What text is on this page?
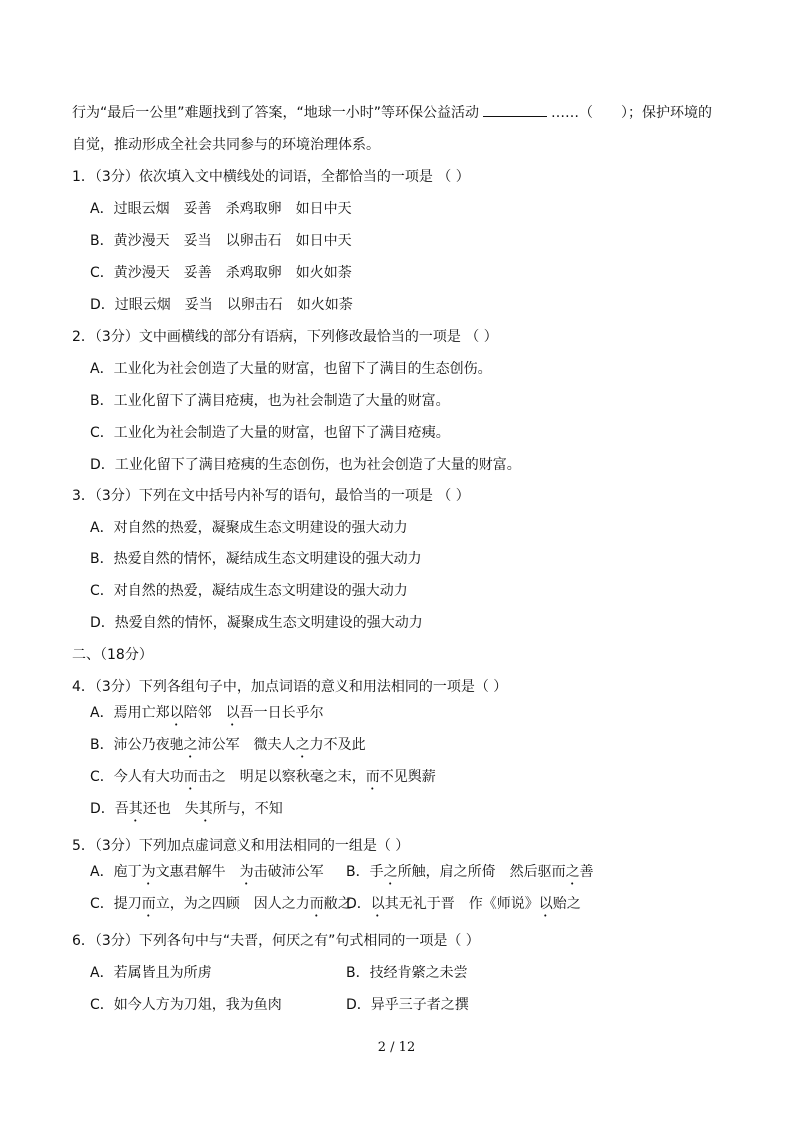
行为“最后一公里”难题找到了答案，“地球一小时”等环保公益活动	……（　　）；保护环境的
自觉，推动形成全社会共同参与的环境治理体系。
1．（3分）依次填入文中横线处的词语，全都恰当的一项是 （ ）
A．过眼云烟　妥善　杀鸡取卵　如日中天
B．黄沙漫天　妥当　以卵击石　如日中天
C．黄沙漫天　妥善　杀鸡取卵　如火如荼
D．过眼云烟　妥当　以卵击石　如火如荼
2．（3分）文中画横线的部分有语病，下列修改最恰当的一项是 （ ）
A．工业化为社会创造了大量的财富，也留下了满目的生态创伤。
B．工业化留下了满目疮痍，也为社会制造了大量的财富。
C．工业化为社会制造了大量的财富，也留下了满目疮痍。
D．工业化留下了满目疮痍的生态创伤，也为社会创造了大量的财富。
3．（3分）下列在文中括号内补写的语句，最恰当的一项是 （ ）
A．对自然的热爱，凝聚成生态文明建设的强大动力
B．热爱自然的情怀，凝结成生态文明建设的强大动力
C．对自然的热爱，凝结成生态文明建设的强大动力
D．热爱自然的情怀，凝聚成生态文明建设的强大动力
二、（18分）
4．（3分）下列各组句子中，加点词语的意义和用法相同的一项是（ ）
A．焉用亡郑以陪邻　以吾一日长乎尔
B．沛公乃夜驰之沛公军　微夫人之力不及此
C．今人有大功而击之　明足以察秋毫之末，而不见舆薪
D．吾其还也　失其所与，不知
5．（3分）下列加点虚词意义和用法相同的一组是（ ）
A．庖丁为文惠君解牛　为击破沛公军 B．手之所触，肩之所倚　然后驱而之善
C．提刀而立，为之四顾　因人之力而敝之
D．以其无礼于晋　作《师说》以贻之
6．（3分）下列各句中与“夫晋，何厌之有”句式相同的一项是（ ）
A．若属皆且为所虏	B．技经肯綮之未尝
C．如今人方为刀俎，我为鱼肉	D．异乎三子者之撰
2 / 12
